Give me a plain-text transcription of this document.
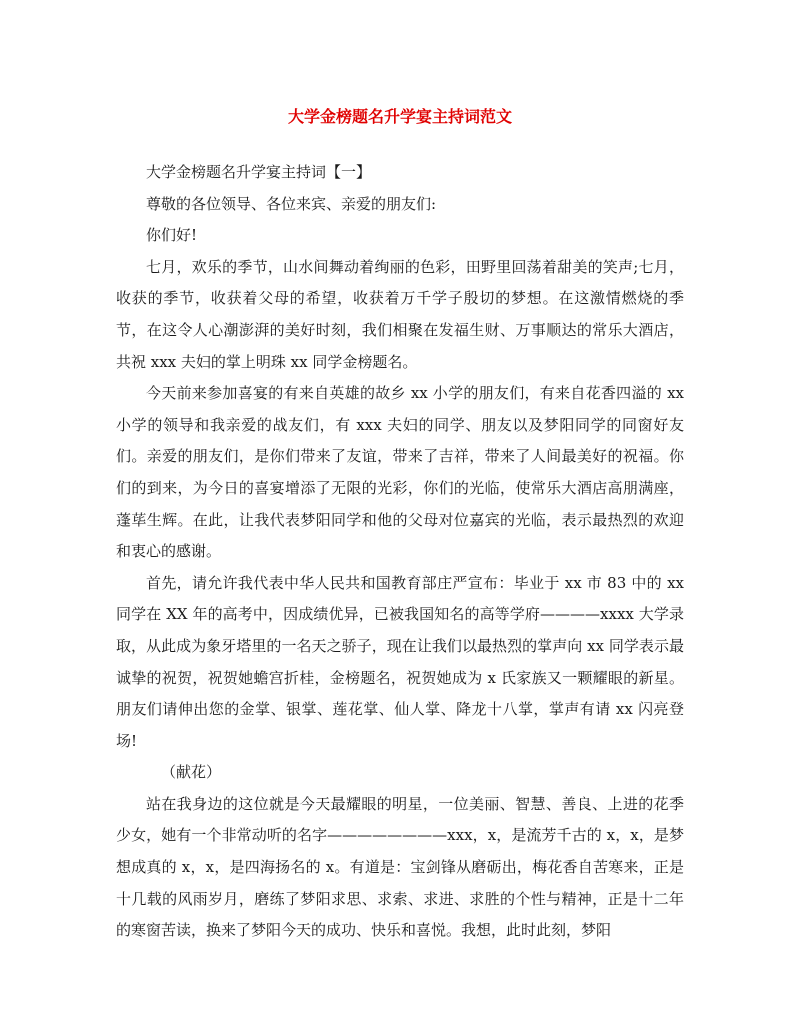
大学金榜题名升学宴主持词范文

大学金榜题名升学宴主持词【一】

尊敬的各位领导、各位来宾、亲爱的朋友们:

你们好!

七月，欢乐的季节，山水间舞动着绚丽的色彩，田野里回荡着甜美的笑声;七月，收获的季节，收获着父母的希望，收获着万千学子殷切的梦想。在这激情燃烧的季节，在这令人心潮澎湃的美好时刻，我们相聚在发福生财、万事顺达的常乐大酒店，共祝 xxx 夫妇的掌上明珠 xx 同学金榜题名。

今天前来参加喜宴的有来自英雄的故乡 xx 小学的朋友们，有来自花香四溢的 xx 小学的领导和我亲爱的战友们，有 xxx 夫妇的同学、朋友以及梦阳同学的同窗好友们。亲爱的朋友们，是你们带来了友谊，带来了吉祥，带来了人间最美好的祝福。你们的到来，为今日的喜宴增添了无限的光彩，你们的光临，使常乐大酒店高朋满座，蓬荜生辉。在此，让我代表梦阳同学和他的父母对位嘉宾的光临，表示最热烈的欢迎和衷心的感谢。

首先，请允许我代表中华人民共和国教育部庄严宣布：毕业于 xx 市 83 中的 xx 同学在 XX 年的高考中，因成绩优异，已被我国知名的高等学府————xxxx 大学录取，从此成为象牙塔里的一名天之骄子，现在让我们以最热烈的掌声向 xx 同学表示最诚挚的祝贺，祝贺她蟾宫折桂，金榜题名，祝贺她成为 x 氏家族又一颗耀眼的新星。朋友们请伸出您的金掌、银掌、莲花掌、仙人掌、降龙十八掌，掌声有请 xx 闪亮登场!

（献花）

站在我身边的这位就是今天最耀眼的明星，一位美丽、智慧、善良、上进的花季少女，她有一个非常动听的名字————————xxx，x，是流芳千古的 x，x，是梦想成真的 x，x，是四海扬名的 x。有道是：宝剑锋从磨砺出，梅花香自苦寒来，正是十几载的风雨岁月，磨练了梦阳求思、求索、求进、求胜的个性与精神，正是十二年的寒窗苦读，换来了梦阳今天的成功、快乐和喜悦。我想，此时此刻，梦阳
